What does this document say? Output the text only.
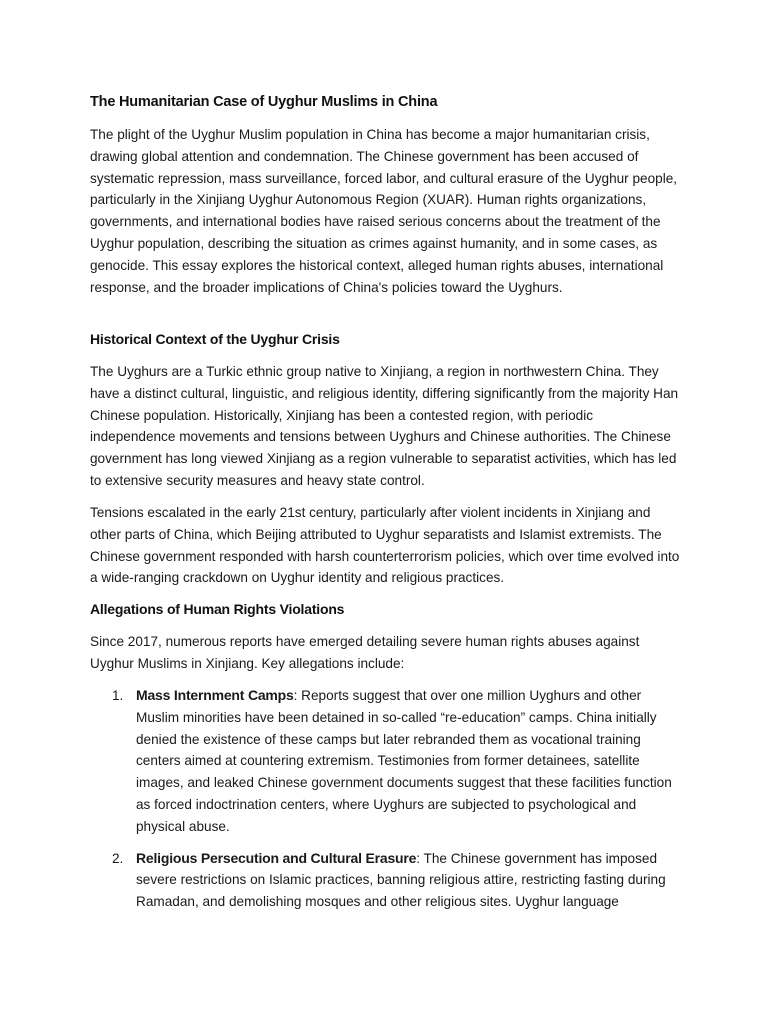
The Humanitarian Case of Uyghur Muslims in China

The plight of the Uyghur Muslim population in China has become a major humanitarian crisis, drawing global attention and condemnation. The Chinese government has been accused of systematic repression, mass surveillance, forced labor, and cultural erasure of the Uyghur people, particularly in the Xinjiang Uyghur Autonomous Region (XUAR). Human rights organizations, governments, and international bodies have raised serious concerns about the treatment of the Uyghur population, describing the situation as crimes against humanity, and in some cases, as genocide. This essay explores the historical context, alleged human rights abuses, international response, and the broader implications of China's policies toward the Uyghurs.

Historical Context of the Uyghur Crisis

The Uyghurs are a Turkic ethnic group native to Xinjiang, a region in northwestern China. They have a distinct cultural, linguistic, and religious identity, differing significantly from the majority Han Chinese population. Historically, Xinjiang has been a contested region, with periodic independence movements and tensions between Uyghurs and Chinese authorities. The Chinese government has long viewed Xinjiang as a region vulnerable to separatist activities, which has led to extensive security measures and heavy state control.

Tensions escalated in the early 21st century, particularly after violent incidents in Xinjiang and other parts of China, which Beijing attributed to Uyghur separatists and Islamist extremists. The Chinese government responded with harsh counterterrorism policies, which over time evolved into a wide-ranging crackdown on Uyghur identity and religious practices.

Allegations of Human Rights Violations

Since 2017, numerous reports have emerged detailing severe human rights abuses against Uyghur Muslims in Xinjiang. Key allegations include:

1. Mass Internment Camps: Reports suggest that over one million Uyghurs and other Muslim minorities have been detained in so-called “re-education” camps. China initially denied the existence of these camps but later rebranded them as vocational training centers aimed at countering extremism. Testimonies from former detainees, satellite images, and leaked Chinese government documents suggest that these facilities function as forced indoctrination centers, where Uyghurs are subjected to psychological and physical abuse.
2. Religious Persecution and Cultural Erasure: The Chinese government has imposed severe restrictions on Islamic practices, banning religious attire, restricting fasting during Ramadan, and demolishing mosques and other religious sites. Uyghur language
